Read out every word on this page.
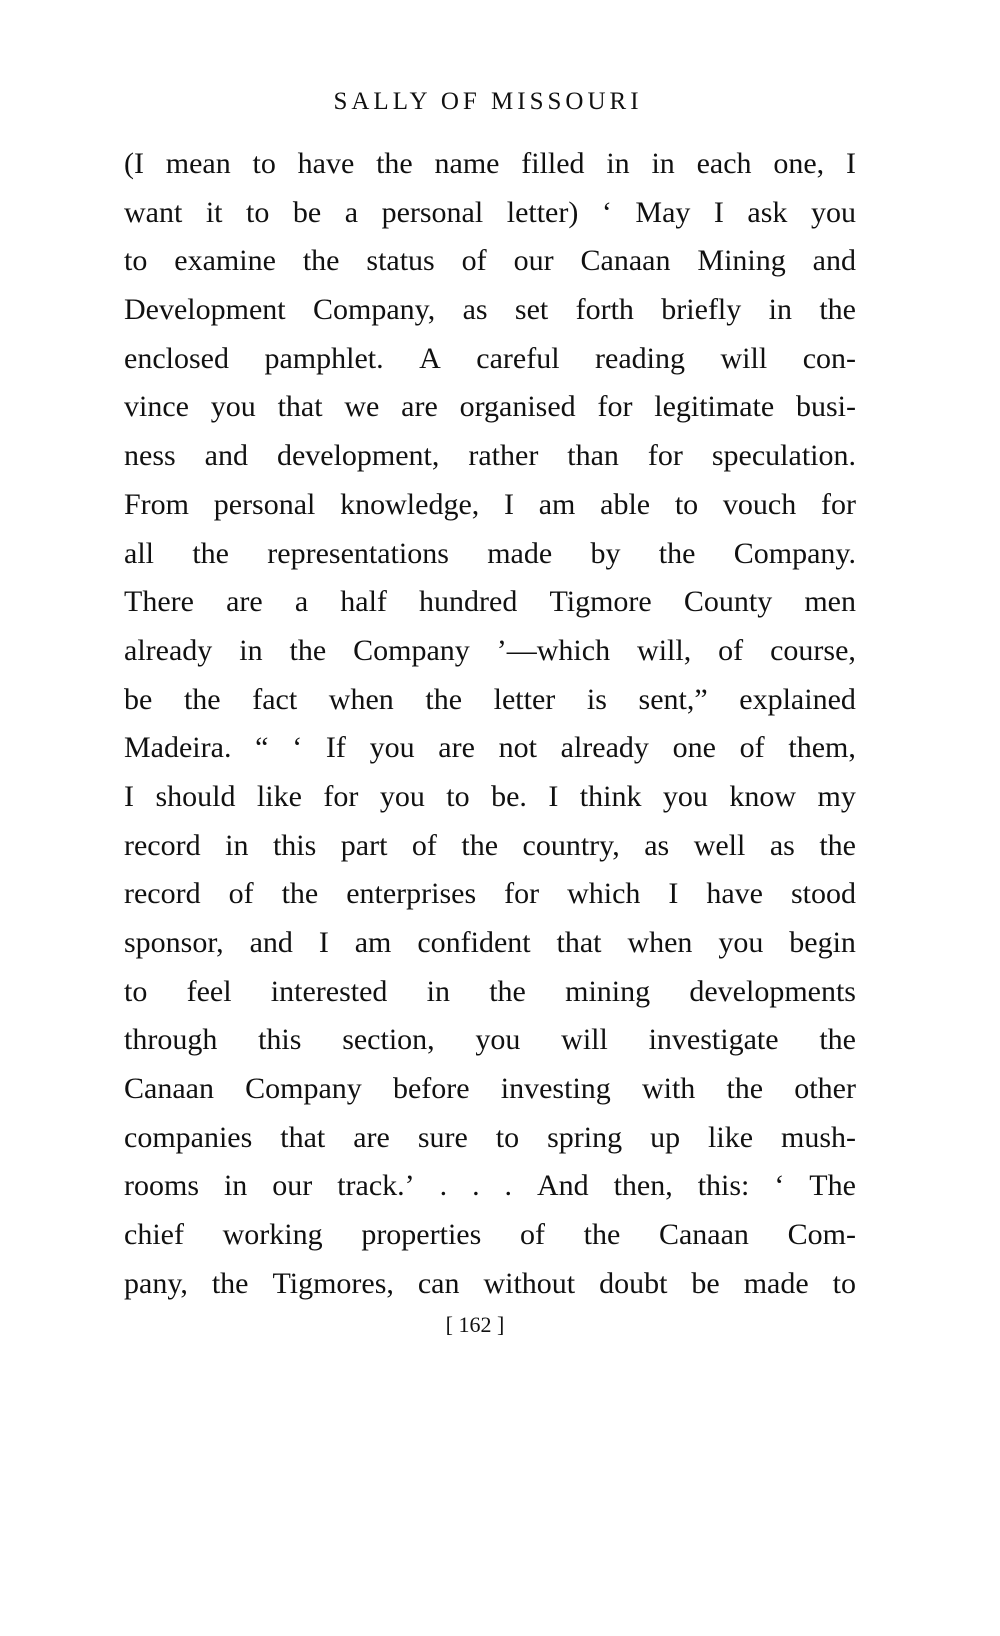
SALLY OF MISSOURI
(I mean to have the name filled in in each one, I
want it to be a personal letter) ‘ May I ask you
to examine the status of our Canaan Mining and
Development Company, as set forth briefly in the
enclosed pamphlet. A careful reading will con-
vince you that we are organised for legitimate busi-
ness and development, rather than for speculation.
From personal knowledge, I am able to vouch for
all the representations made by the Company.
There are a half hundred Tigmore County men
already in the Company ’—which will, of course,
be the fact when the letter is sent,” explained
Madeira. “ ‘ If you are not already one of them,
I should like for you to be. I think you know my
record in this part of the country, as well as the
record of the enterprises for which I have stood
sponsor, and I am confident that when you begin
to feel interested in the mining developments
through this section, you will investigate the
Canaan Company before investing with the other
companies that are sure to spring up like mush-
rooms in our track.’ . . . And then, this: ‘ The
chief working properties of the Canaan Com-
pany, the Tigmores, can without doubt be made to
[ 162 ]
